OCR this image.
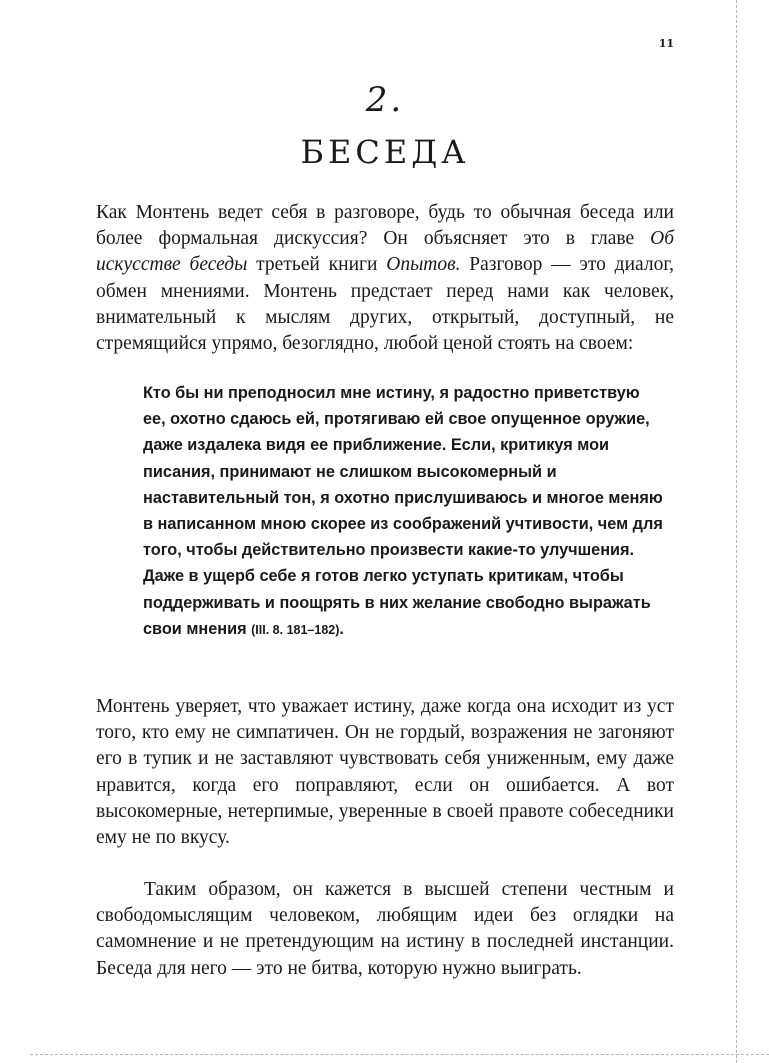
11
2.
БЕСЕДА

Как Монтень ведет себя в разговоре, будь то обычная беседа или более формальная дискуссия? Он объясняет это в главе Об искусстве беседы третьей книги Опытов. Разговор — это диалог, обмен мнениями. Монтень предстает перед нами как человек, внимательный к мыслям других, открытый, доступный, не стремящийся упрямо, безоглядно, любой ценой стоять на своем:

Кто бы ни преподносил мне истину, я радостно приветствую ее, охотно сдаюсь ей, протягиваю ей свое опущенное оружие, даже издалека видя ее приближение. Если, критикуя мои писания, принимают не слишком высокомерный и наставительный тон, я охотно прислушиваюсь и многое меняю в написанном мною скорее из соображений учтивости, чем для того, чтобы действительно произвести какие-то улучшения. Даже в ущерб себе я готов легко уступать критикам, чтобы поддерживать и поощрять в них желание свободно выражать свои мнения (III. 8. 181–182).

Монтень уверяет, что уважает истину, даже когда она исходит из уст того, кто ему не симпатичен. Он не гордый, возражения не загоняют его в тупик и не заставляют чувствовать себя униженным, ему даже нравится, когда его поправляют, если он ошибается. А вот высокомерные, нетерпимые, уверенные в своей правоте собеседники ему не по вкусу.

Таким образом, он кажется в высшей степени честным и свободомыслящим человеком, любящим идеи без оглядки на самомнение и не претендующим на истину в последней инстанции. Беседа для него — это не битва, которую нужно выиграть.
